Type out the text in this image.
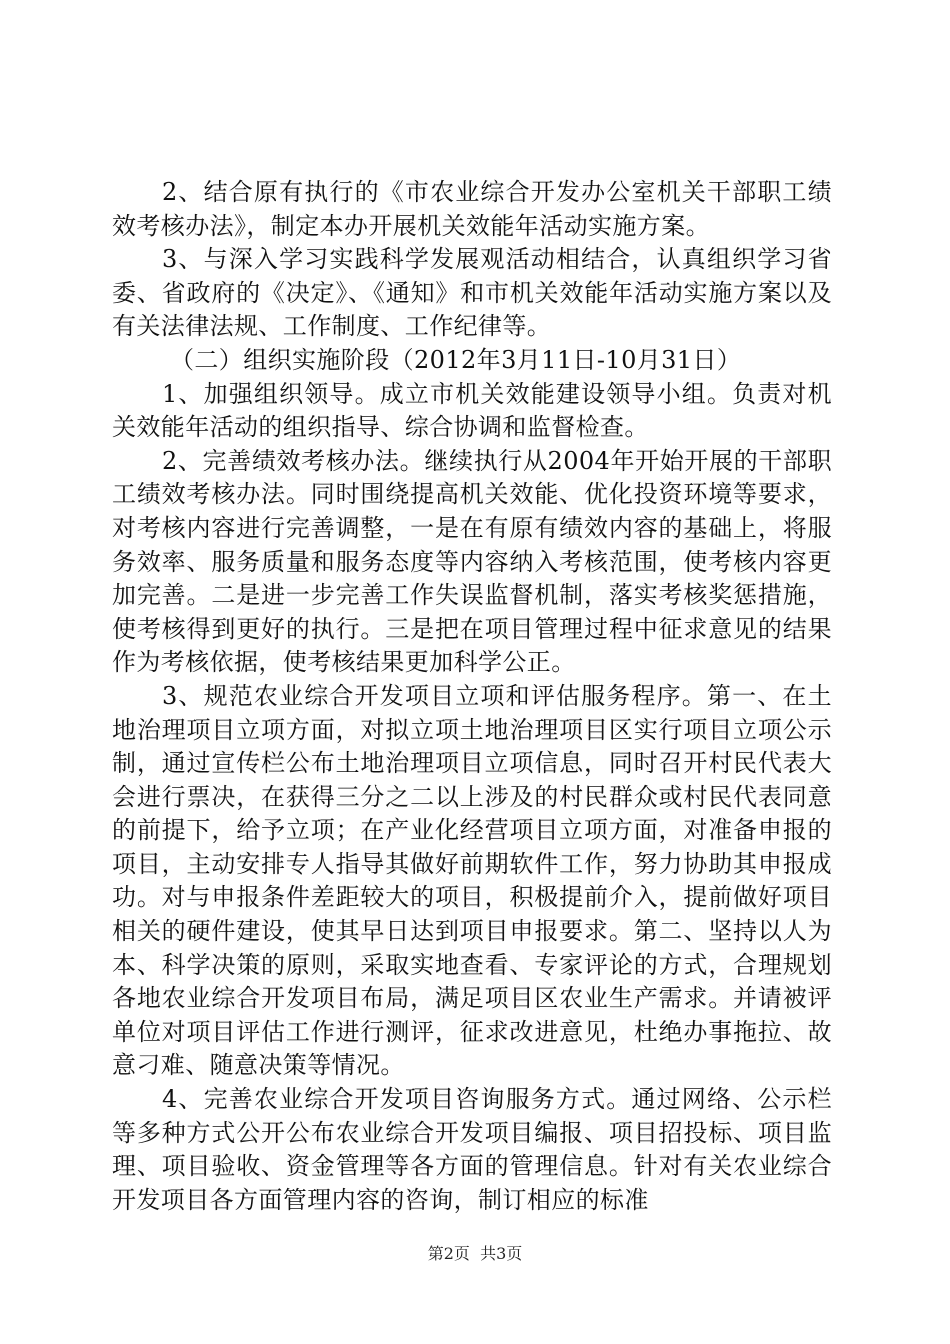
2、结合原有执行的《市农业综合开发办公室机关干部职工绩效考核办法》，制定本办开展机关效能年活动实施方案。

3、与深入学习实践科学发展观活动相结合，认真组织学习省委、省政府的《决定》、《通知》和市机关效能年活动实施方案以及有关法律法规、工作制度、工作纪律等。

（二）组织实施阶段（2012年3月11日-10月31日）

1、加强组织领导。成立市机关效能建设领导小组。负责对机关效能年活动的组织指导、综合协调和监督检查。

2、完善绩效考核办法。继续执行从2004年开始开展的干部职工绩效考核办法。同时围绕提高机关效能、优化投资环境等要求，对考核内容进行完善调整，一是在有原有绩效内容的基础上，将服务效率、服务质量和服务态度等内容纳入考核范围，使考核内容更加完善。二是进一步完善工作失误监督机制，落实考核奖惩措施，使考核得到更好的执行。三是把在项目管理过程中征求意见的结果作为考核依据，使考核结果更加科学公正。

3、规范农业综合开发项目立项和评估服务程序。第一、在土地治理项目立项方面，对拟立项土地治理项目区实行项目立项公示制，通过宣传栏公布土地治理项目立项信息，同时召开村民代表大会进行票决，在获得三分之二以上涉及的村民群众或村民代表同意的前提下，给予立项；在产业化经营项目立项方面，对准备申报的项目，主动安排专人指导其做好前期软件工作，努力协助其申报成功。对与申报条件差距较大的项目，积极提前介入，提前做好项目相关的硬件建设，使其早日达到项目申报要求。第二、坚持以人为本、科学决策的原则，采取实地查看、专家评论的方式，合理规划各地农业综合开发项目布局，满足项目区农业生产需求。并请被评单位对项目评估工作进行测评，征求改进意见，杜绝办事拖拉、故意刁难、随意决策等情况。

4、完善农业综合开发项目咨询服务方式。通过网络、公示栏等多种方式公开公布农业综合开发项目编报、项目招投标、项目监理、项目验收、资金管理等各方面的管理信息。针对有关农业综合开发项目各方面管理内容的咨询，制订相应的标准

第2页  共3页
